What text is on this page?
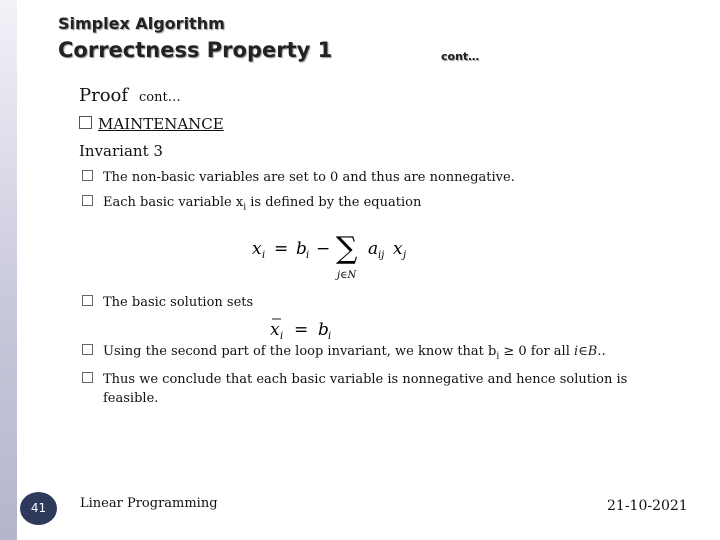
Simplex Algorithm
Correctness Property 1	cont…
Proof cont…
MAINTENANCE
Invariant 3
The non-basic variables are set to 0 and thus are nonnegative.
Each basic variable $x_i$ is defined by the equation
x i = b i − ∑
j∈N
a ij x j
The basic solution sets
x i = b i
Using the second part of the loop invariant, we know that $b_i \ge 0$ for all i∈B..
Thus we conclude that each basic variable is nonnegative and hence solution is
feasible.
41	Linear Programming	21-10-2021
